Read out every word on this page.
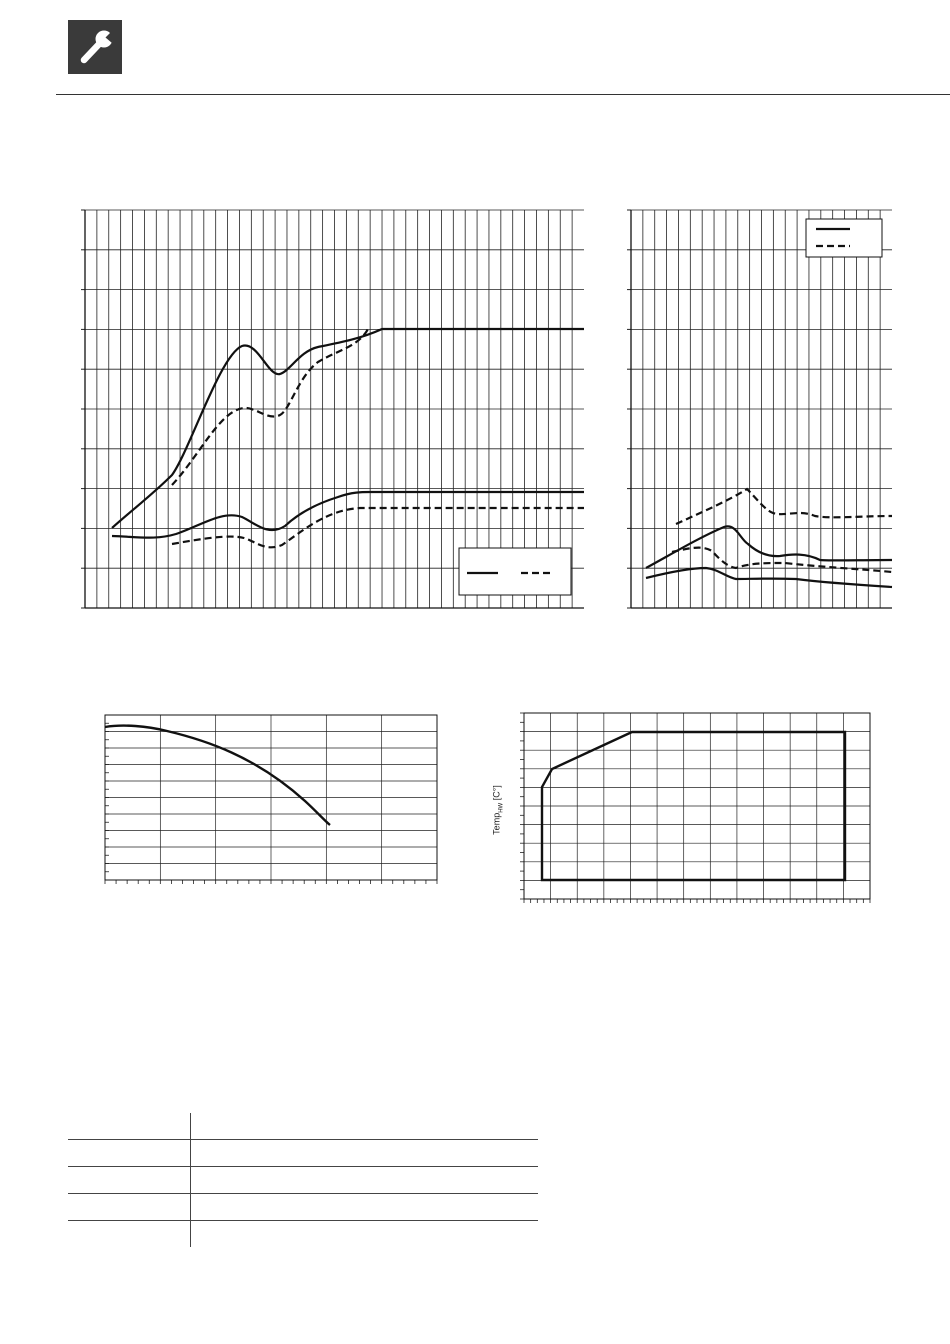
Temp$_{HW}$ [C°]
